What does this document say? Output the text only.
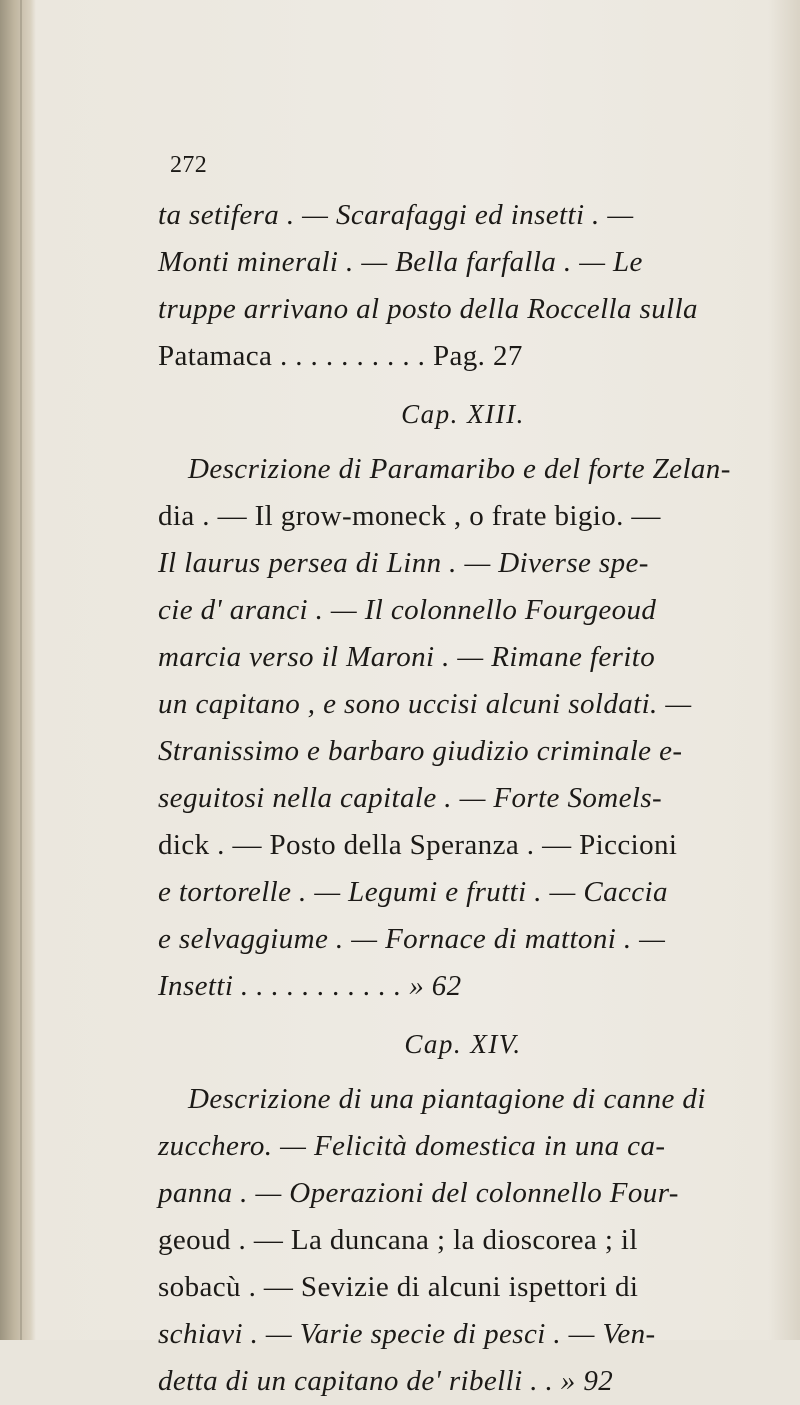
272
ta setifera . — Scarafaggi ed insetti . —
Monti minerali . — Bella farfalla . — Le
truppe arrivano al posto della Roccella sulla
Patamaca . . . . . . . . . . Pag. 27
Cap. XIII.
Descrizione di Paramaribo e del forte Zelan-
dia . — Il grow-moneck , o frate bigio. —
Il laurus persea di Linn . — Diverse spe-
cie d' aranci . — Il colonnello Fourgeoud
marcia verso il Maroni . — Rimane ferito
un capitano , e sono uccisi alcuni soldati. —
Stranissimo e barbaro giudizio criminale e-
seguitosi nella capitale . — Forte Somels-
dick . — Posto della Speranza . — Piccioni
e tortorelle . — Legumi e frutti . — Caccia
e selvaggiume . — Fornace di mattoni . —
Insetti . . . . . . . . . . . » 62
Cap. XIV.
Descrizione di una piantagione di canne di
zucchero. — Felicità domestica in una ca-
panna . — Operazioni del colonnello Four-
geoud . — La duncana ; la dioscorea ; il
sobacù . — Sevizie di alcuni ispettori di
schiavi . — Varie specie di pesci . — Ven-
detta di un capitano de' ribelli . . » 92
